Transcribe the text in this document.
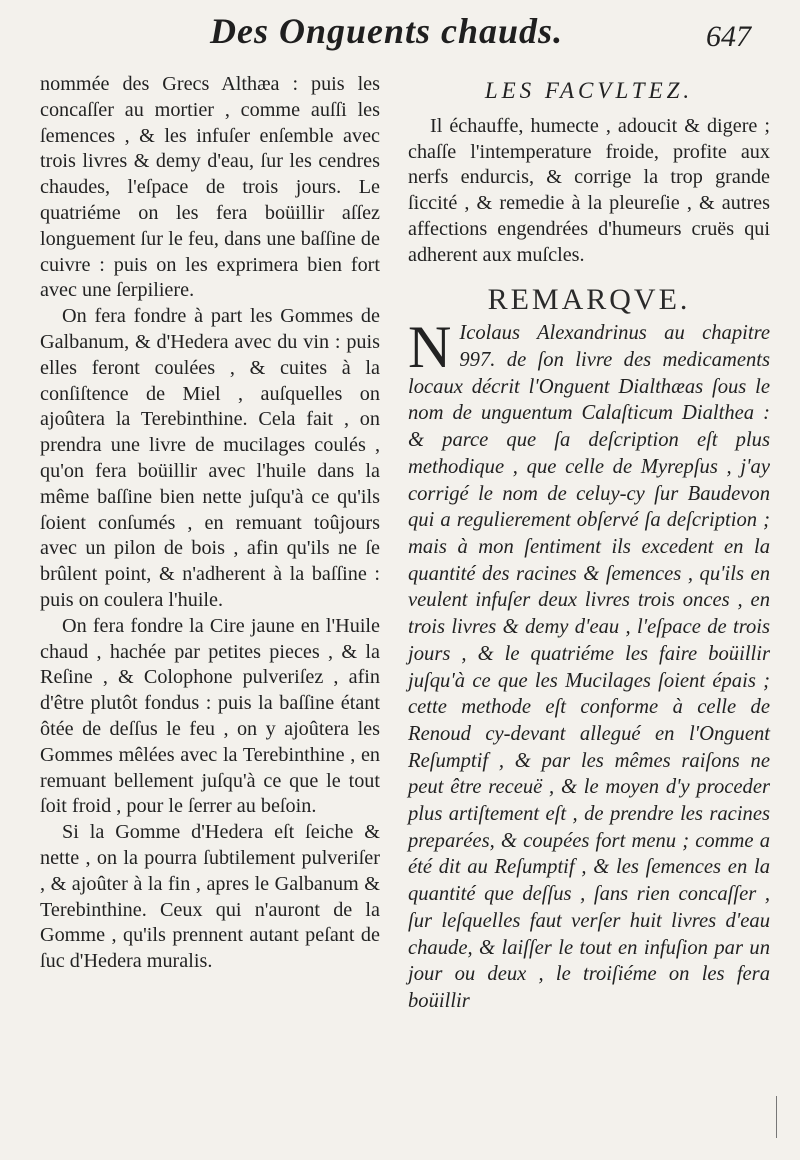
Des Onguents chauds.	647

nommée des Grecs Althæa : puis les concaſſer au mortier , comme auſſi les ſemences , & les infuſer enſemble avec trois livres & demy d'eau, ſur les cendres chaudes, l'eſpace de trois jours. Le quatriéme on les fera boüillir aſſez longuement ſur le feu, dans une baſſine de cuivre : puis on les exprimera bien fort avec une ſerpiliere.

On fera fondre à part les Gommes de Galbanum, & d'Hedera avec du vin : puis elles feront coulées , & cuites à la conſiſtence de Miel , auſquelles on ajoûtera la Terebinthine. Cela fait , on prendra une livre de mucilages coulés , qu'on fera boüillir avec l'huile dans la même baſſine bien nette juſqu'à ce qu'ils ſoient conſumés , en remuant toûjours avec un pilon de bois , afin qu'ils ne ſe brûlent point, & n'adherent à la baſſine : puis on coulera l'huile.

On fera fondre la Cire jaune en l'Huile chaud , hachée par petites pieces , & la Reſine , & Colophone pulveriſez , afin d'être plutôt fondus : puis la baſſine étant ôtée de deſſus le feu , on y ajoûtera les Gommes mêlées avec la Terebinthine , en remuant bellement juſqu'à ce que le tout ſoit froid , pour le ſerrer au beſoin.

Si la Gomme d'Hedera eſt ſeiche & nette , on la pourra ſubtilement pulveriſer , & ajoûter à la fin , apres le Galbanum & Terebinthine. Ceux qui n'auront de la Gomme , qu'ils prennent autant peſant de ſuc d'Hedera muralis.

LES FACVLTEZ.

Il échauffe, humecte , adoucit & digere ; chaſſe l'intemperature froide, profite aux nerfs endurcis, & corrige la trop grande ſiccité , & remedie à la pleureſie , & autres affections engendrées d'humeurs cruës qui adherent aux muſcles.

REMARQVE.

N Icolaus Alexandrinus au chapitre 997. de ſon livre des medicaments locaux décrit l'Onguent Dialthæas ſous le nom de unguentum Calaſticum Dialthea : & parce que ſa deſcription eſt plus methodique , que celle de Myrepſus , j'ay corrigé le nom de celuy-cy ſur Baudevon qui a regulierement obſervé ſa deſcription ; mais à mon ſentiment ils excedent en la quantité des racines & ſemences , qu'ils en veulent infuſer deux livres trois onces , en trois livres & demy d'eau , l'eſpace de trois jours , & le quatriéme les faire boüillir juſqu'à ce que les Mucilages ſoient épais ; cette methode eſt conforme à celle de Renoud cy-devant allegué en l'Onguent Reſumptif , & par les mêmes raiſons ne peut être receuë , & le moyen d'y proceder plus artiſtement eſt , de prendre les racines preparées, & coupées fort menu ; comme a été dit au Reſumptif , & les ſemences en la quantité que deſſus , ſans rien concaſſer , ſur leſquelles faut verſer huit livres d'eau chaude, & laiſſer le tout en infuſion par un jour ou deux , le troiſiéme on les fera boüillir
